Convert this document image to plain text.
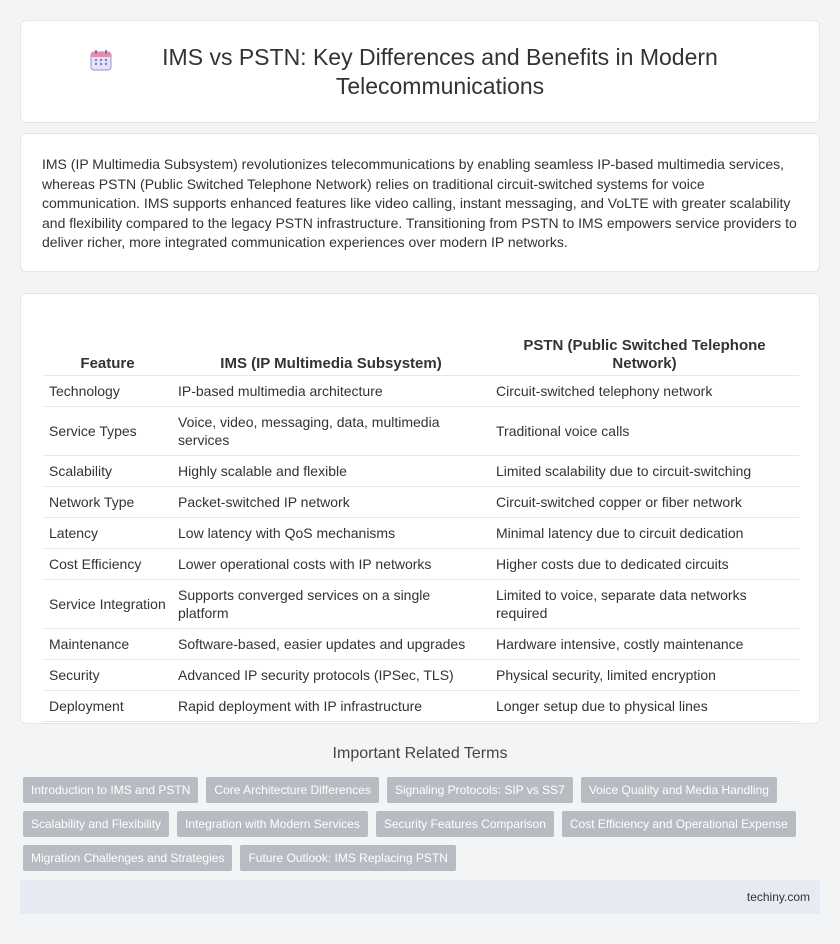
IMS vs PSTN: Key Differences and Benefits in Modern Telecommunications

IMS (IP Multimedia Subsystem) revolutionizes telecommunications by enabling seamless IP-based multimedia services, whereas PSTN (Public Switched Telephone Network) relies on traditional circuit-switched systems for voice communication. IMS supports enhanced features like video calling, instant messaging, and VoLTE with greater scalability and flexibility compared to the legacy PSTN infrastructure. Transitioning from PSTN to IMS empowers service providers to deliver richer, more integrated communication experiences over modern IP networks.

Feature	IMS (IP Multimedia Subsystem)	PSTN (Public Switched Telephone Network)
Technology	IP-based multimedia architecture	Circuit-switched telephony network
Service Types	Voice, video, messaging, data, multimedia services	Traditional voice calls
Scalability	Highly scalable and flexible	Limited scalability due to circuit-switching
Network Type	Packet-switched IP network	Circuit-switched copper or fiber network
Latency	Low latency with QoS mechanisms	Minimal latency due to circuit dedication
Cost Efficiency	Lower operational costs with IP networks	Higher costs due to dedicated circuits
Service Integration	Supports converged services on a single platform	Limited to voice, separate data networks required
Maintenance	Software-based, easier updates and upgrades	Hardware intensive, costly maintenance
Security	Advanced IP security protocols (IPSec, TLS)	Physical security, limited encryption
Deployment	Rapid deployment with IP infrastructure	Longer setup due to physical lines
Important Related Terms
Introduction to IMS and PSTN	Core Architecture Differences	Signaling Protocols: SIP vs SS7	Voice Quality and Media Handling
Scalability and Flexibility	Integration with Modern Services	Security Features Comparison	Cost Efficiency and Operational Expense
Migration Challenges and Strategies	Future Outlook: IMS Replacing PSTN
techiny.com
